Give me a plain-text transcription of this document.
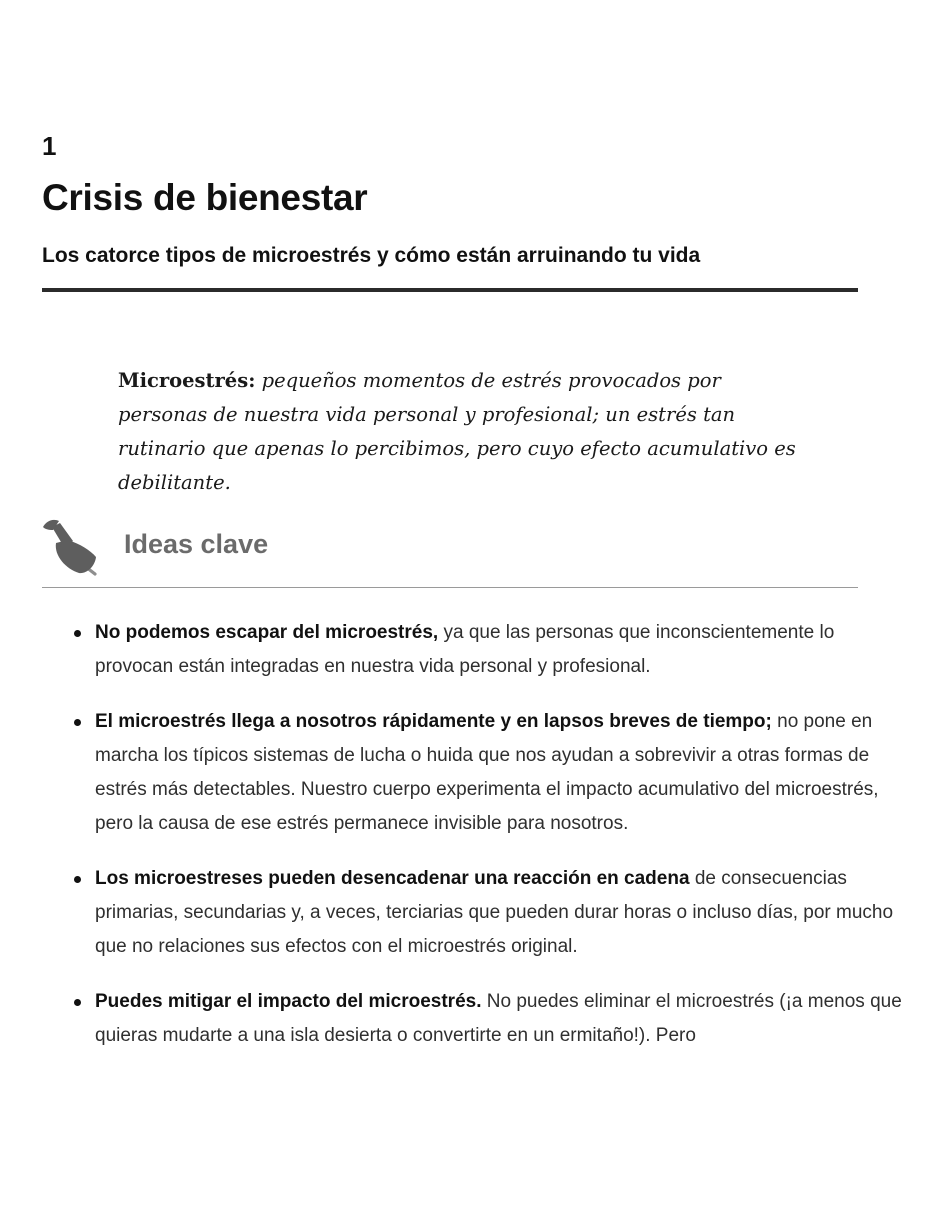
1
Crisis de bienestar
Los catorce tipos de microestrés y cómo están arruinando tu vida

Microestrés: pequeños momentos de estrés provocados por personas de nuestra vida personal y profesional; un estrés tan rutinario que apenas lo percibimos, pero cuyo efecto acumulativo es debilitante.

Ideas clave
No podemos escapar del microestrés, ya que las personas que inconscientemente lo provocan están integradas en nuestra vida personal y profesional.
El microestrés llega a nosotros rápidamente y en lapsos breves de tiempo; no pone en marcha los típicos sistemas de lucha o huida que nos ayudan a sobrevivir a otras formas de estrés más detectables. Nuestro cuerpo experimenta el impacto acumulativo del microestrés, pero la causa de ese estrés permanece invisible para nosotros.
Los microestreses pueden desencadenar una reacción en cadena de consecuencias primarias, secundarias y, a veces, terciarias que pueden durar horas o incluso días, por mucho que no relaciones sus efectos con el microestrés original.
Puedes mitigar el impacto del microestrés. No puedes eliminar el microestrés (¡a menos que quieras mudarte a una isla desierta o convertirte en un ermitaño!). Pero
